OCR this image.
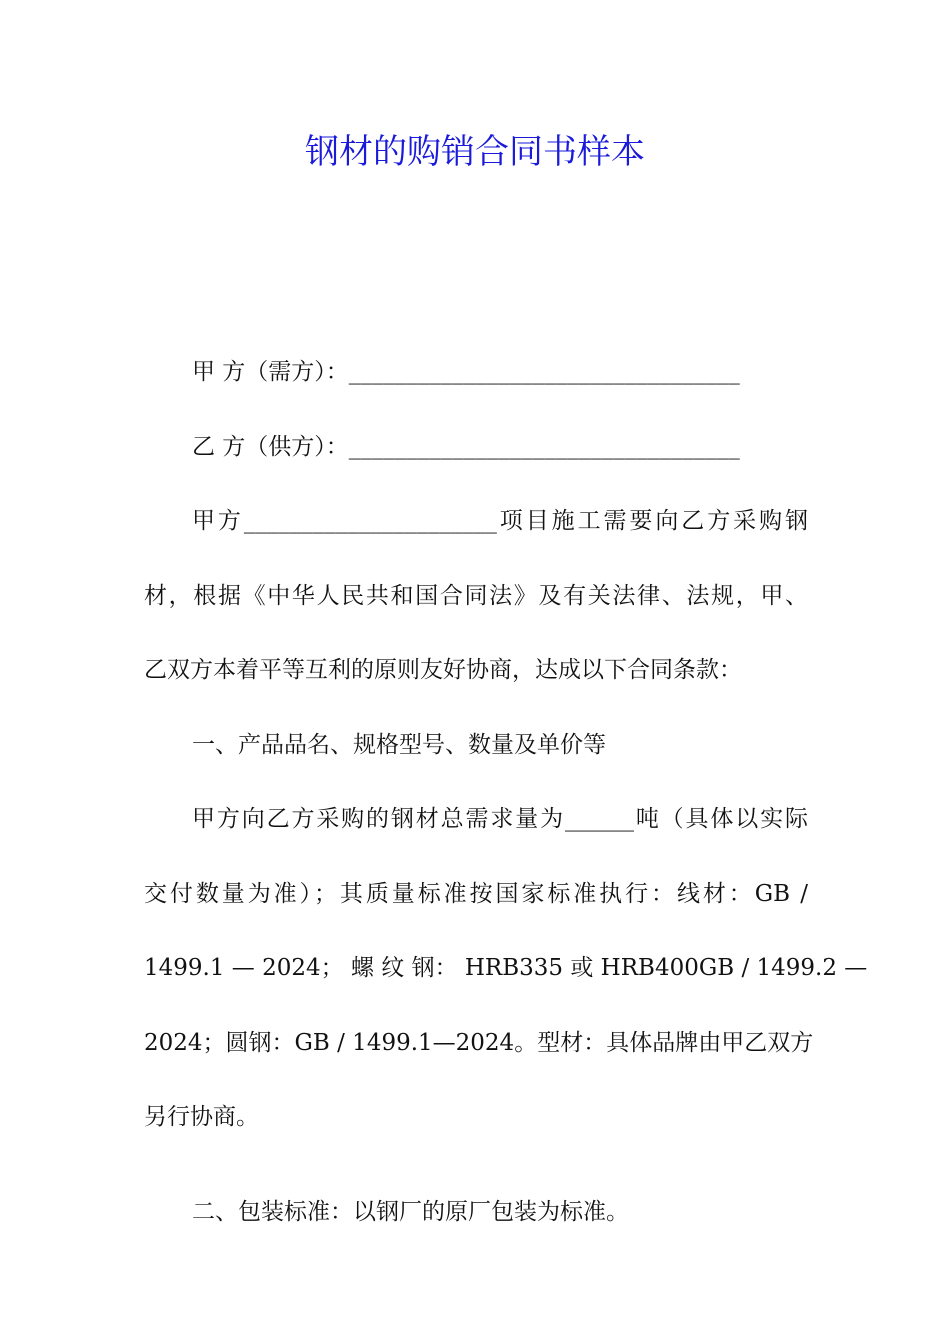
钢材的购销合同书样本
甲 方（需方）：__________________________________
乙 方（供方）：__________________________________
甲方______________________项目施工需要向乙方采购钢
材，根据《中华人民共和国合同法》及有关法律、法规，甲、
乙双方本着平等互利的原则友好协商，达成以下合同条款：
一、产品品名、规格型号、数量及单价等
甲方向乙方采购的钢材总需求量为______吨（具体以实际
交付数量为准）；其质量标准按国家标准执行：线材：GB /
1499.1 — 2024； 螺 纹 钢： HRB335 或 HRB400GB / 1499.2 —
2024；圆钢：GB / 1499.1—2024。型材：具体品牌由甲乙双方
另行协商。
二、包装标准：以钢厂的原厂包装为标准。
